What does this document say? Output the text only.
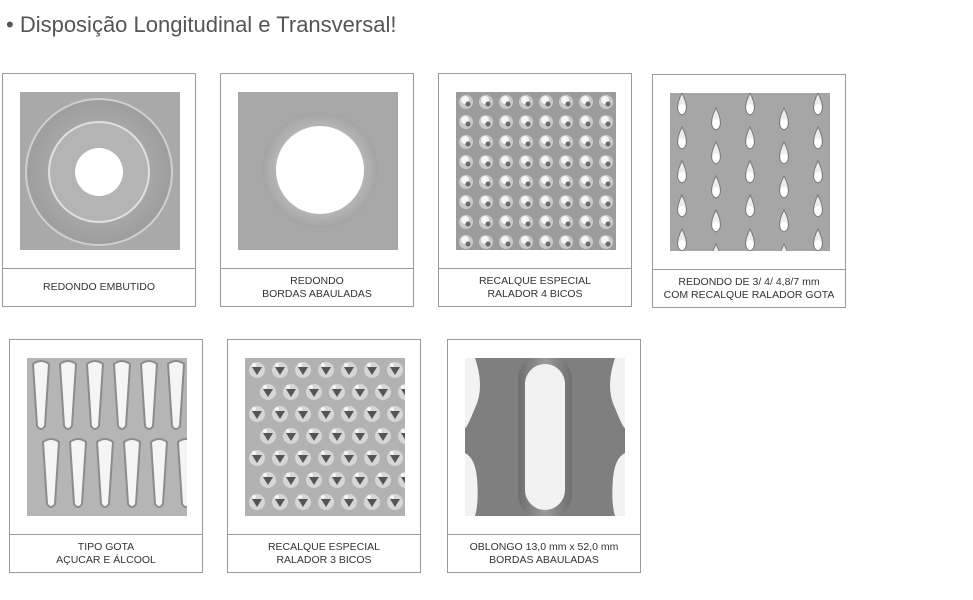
• Disposição Longitudinal e Transversal!
REDONDO EMBUTIDO
REDONDO
BORDAS ABAULADAS
RECALQUE ESPECIAL
RALADOR 4 BICOS
REDONDO DE 3/ 4/ 4,8/7 mm
COM RECALQUE RALADOR GOTA
TIPO GOTA
AÇUCAR E ÁLCOOL
RECALQUE ESPECIAL
RALADOR 3 BICOS
OBLONGO 13,0 mm x 52,0 mm
BORDAS ABAULADAS
